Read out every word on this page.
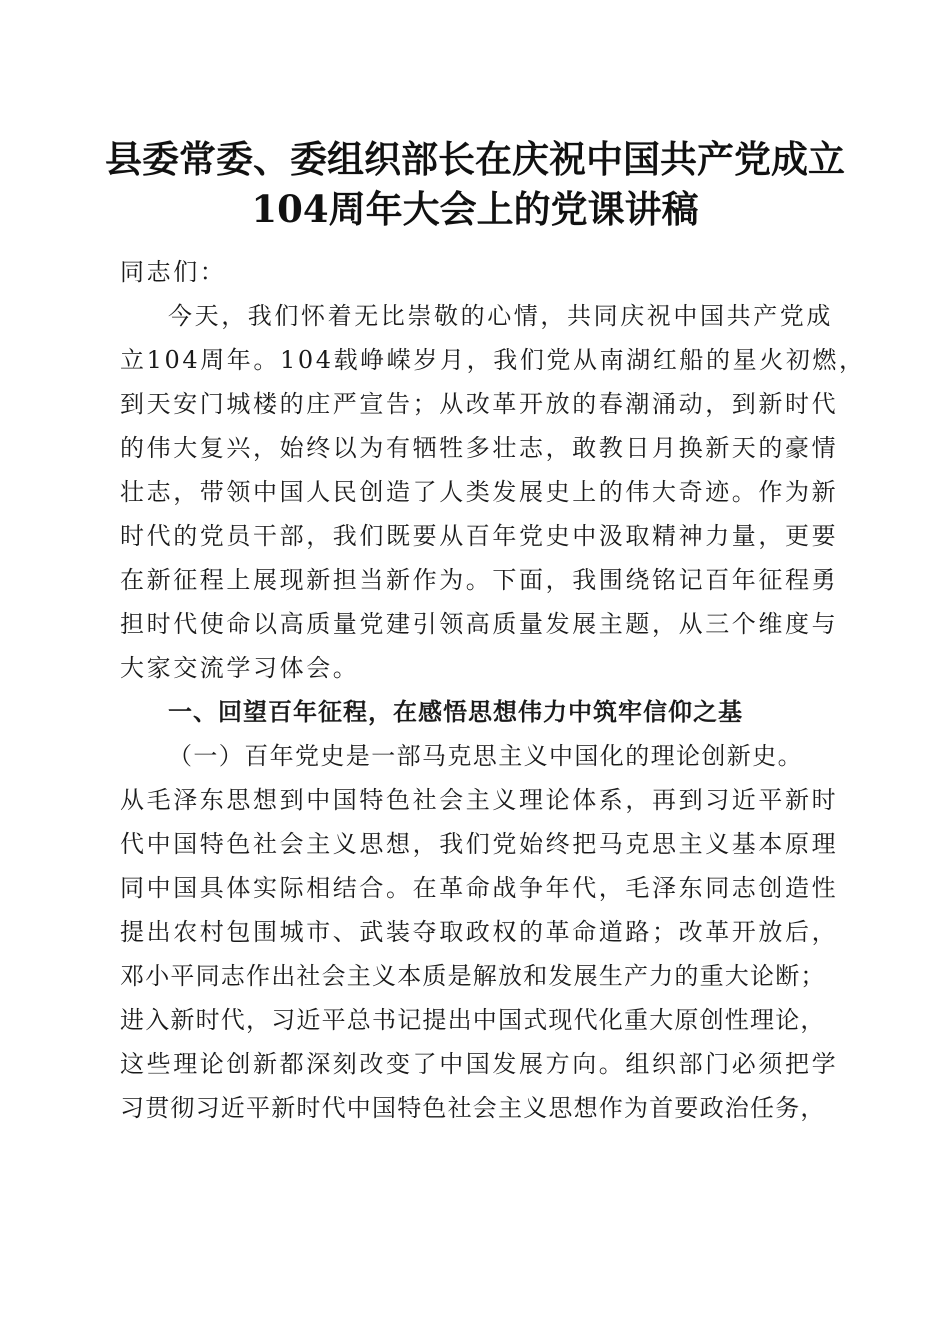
县委常委、委组织部长在庆祝中国共产党成立
104周年大会上的党课讲稿
同志们：
今天，我们怀着无比崇敬的心情，共同庆祝中国共产党成
立104周年。104载峥嵘岁月，我们党从南湖红船的星火初燃，
到天安门城楼的庄严宣告；从改革开放的春潮涌动，到新时代
的伟大复兴，始终以为有牺牲多壮志，敢教日月换新天的豪情
壮志，带领中国人民创造了人类发展史上的伟大奇迹。作为新
时代的党员干部，我们既要从百年党史中汲取精神力量，更要
在新征程上展现新担当新作为。下面，我围绕铭记百年征程勇
担时代使命以高质量党建引领高质量发展主题，从三个维度与
大家交流学习体会。
一、回望百年征程，在感悟思想伟力中筑牢信仰之基
（一）百年党史是一部马克思主义中国化的理论创新史。
从毛泽东思想到中国特色社会主义理论体系，再到习近平新时
代中国特色社会主义思想，我们党始终把马克思主义基本原理
同中国具体实际相结合。在革命战争年代，毛泽东同志创造性
提出农村包围城市、武装夺取政权的革命道路；改革开放后，
邓小平同志作出社会主义本质是解放和发展生产力的重大论断；
进入新时代，习近平总书记提出中国式现代化重大原创性理论，
这些理论创新都深刻改变了中国发展方向。组织部门必须把学
习贯彻习近平新时代中国特色社会主义思想作为首要政治任务，
